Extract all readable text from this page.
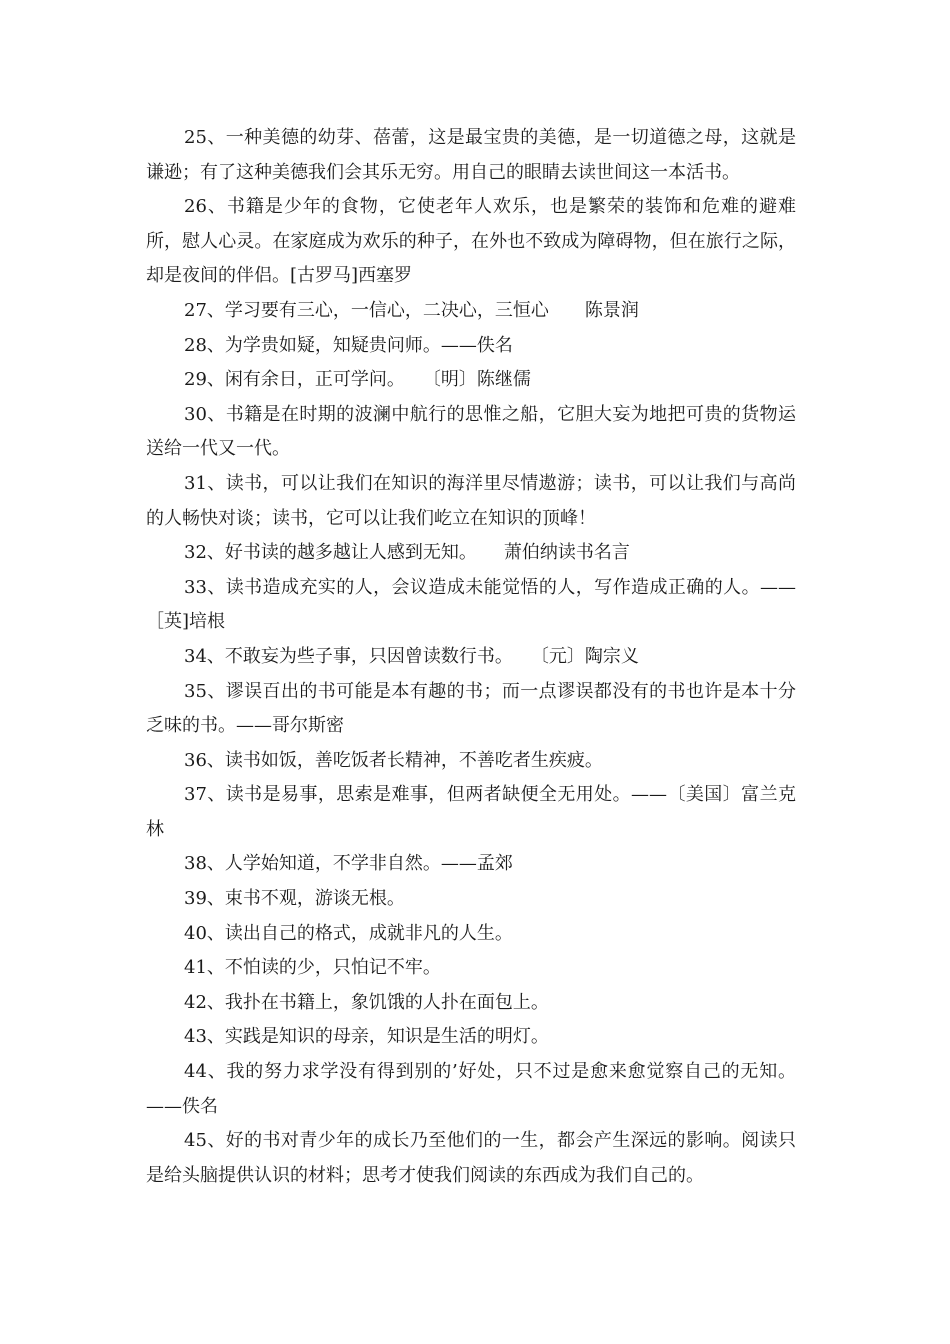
25、一种美德的幼芽、蓓蕾，这是最宝贵的美德，是一切道德之母，这就是谦逊；有了这种美德我们会其乐无穷。用自己的眼睛去读世间这一本活书。

26、书籍是少年的食物，它使老年人欢乐，也是繁荣的装饰和危难的避难所，慰人心灵。在家庭成为欢乐的种子，在外也不致成为障碍物，但在旅行之际，却是夜间的伴侣。[古罗马]西塞罗

27、学习要有三心，一信心，二决心，三恒心　　陈景润

28、为学贵如疑，知疑贵问师。——佚名

29、闲有余日，正可学问。　　〔明〕陈继儒

30、书籍是在时期的波澜中航行的思惟之船，它胆大妄为地把可贵的货物运送给一代又一代。

31、读书，可以让我们在知识的海洋里尽情遨游；读书，可以让我们与高尚的人畅快对谈；读书，它可以让我们屹立在知识的顶峰！

32、好书读的越多越让人感到无知。　　萧伯纳读书名言

33、读书造成充实的人，会议造成未能觉悟的人，写作造成正确的人。——［英]培根

34、不敢妄为些子事，只因曾读数行书。　　〔元〕陶宗义

35、谬误百出的书可能是本有趣的书；而一点谬误都没有的书也许是本十分乏味的书。——哥尔斯密

36、读书如饭，善吃饭者长精神，不善吃者生疾疲。

37、读书是易事，思索是难事，但两者缺便全无用处。——〔美国〕富兰克林

38、人学始知道，不学非自然。——孟郊

39、束书不观，游谈无根。

40、读出自己的格式，成就非凡的人生。

41、不怕读的少，只怕记不牢。

42、我扑在书籍上，象饥饿的人扑在面包上。

43、实践是知识的母亲，知识是生活的明灯。

44、我的努力求学没有得到别的’好处，只不过是愈来愈觉察自己的无知。——佚名

45、好的书对青少年的成长乃至他们的一生，都会产生深远的影响。阅读只是给头脑提供认识的材料；思考才使我们阅读的东西成为我们自己的。
